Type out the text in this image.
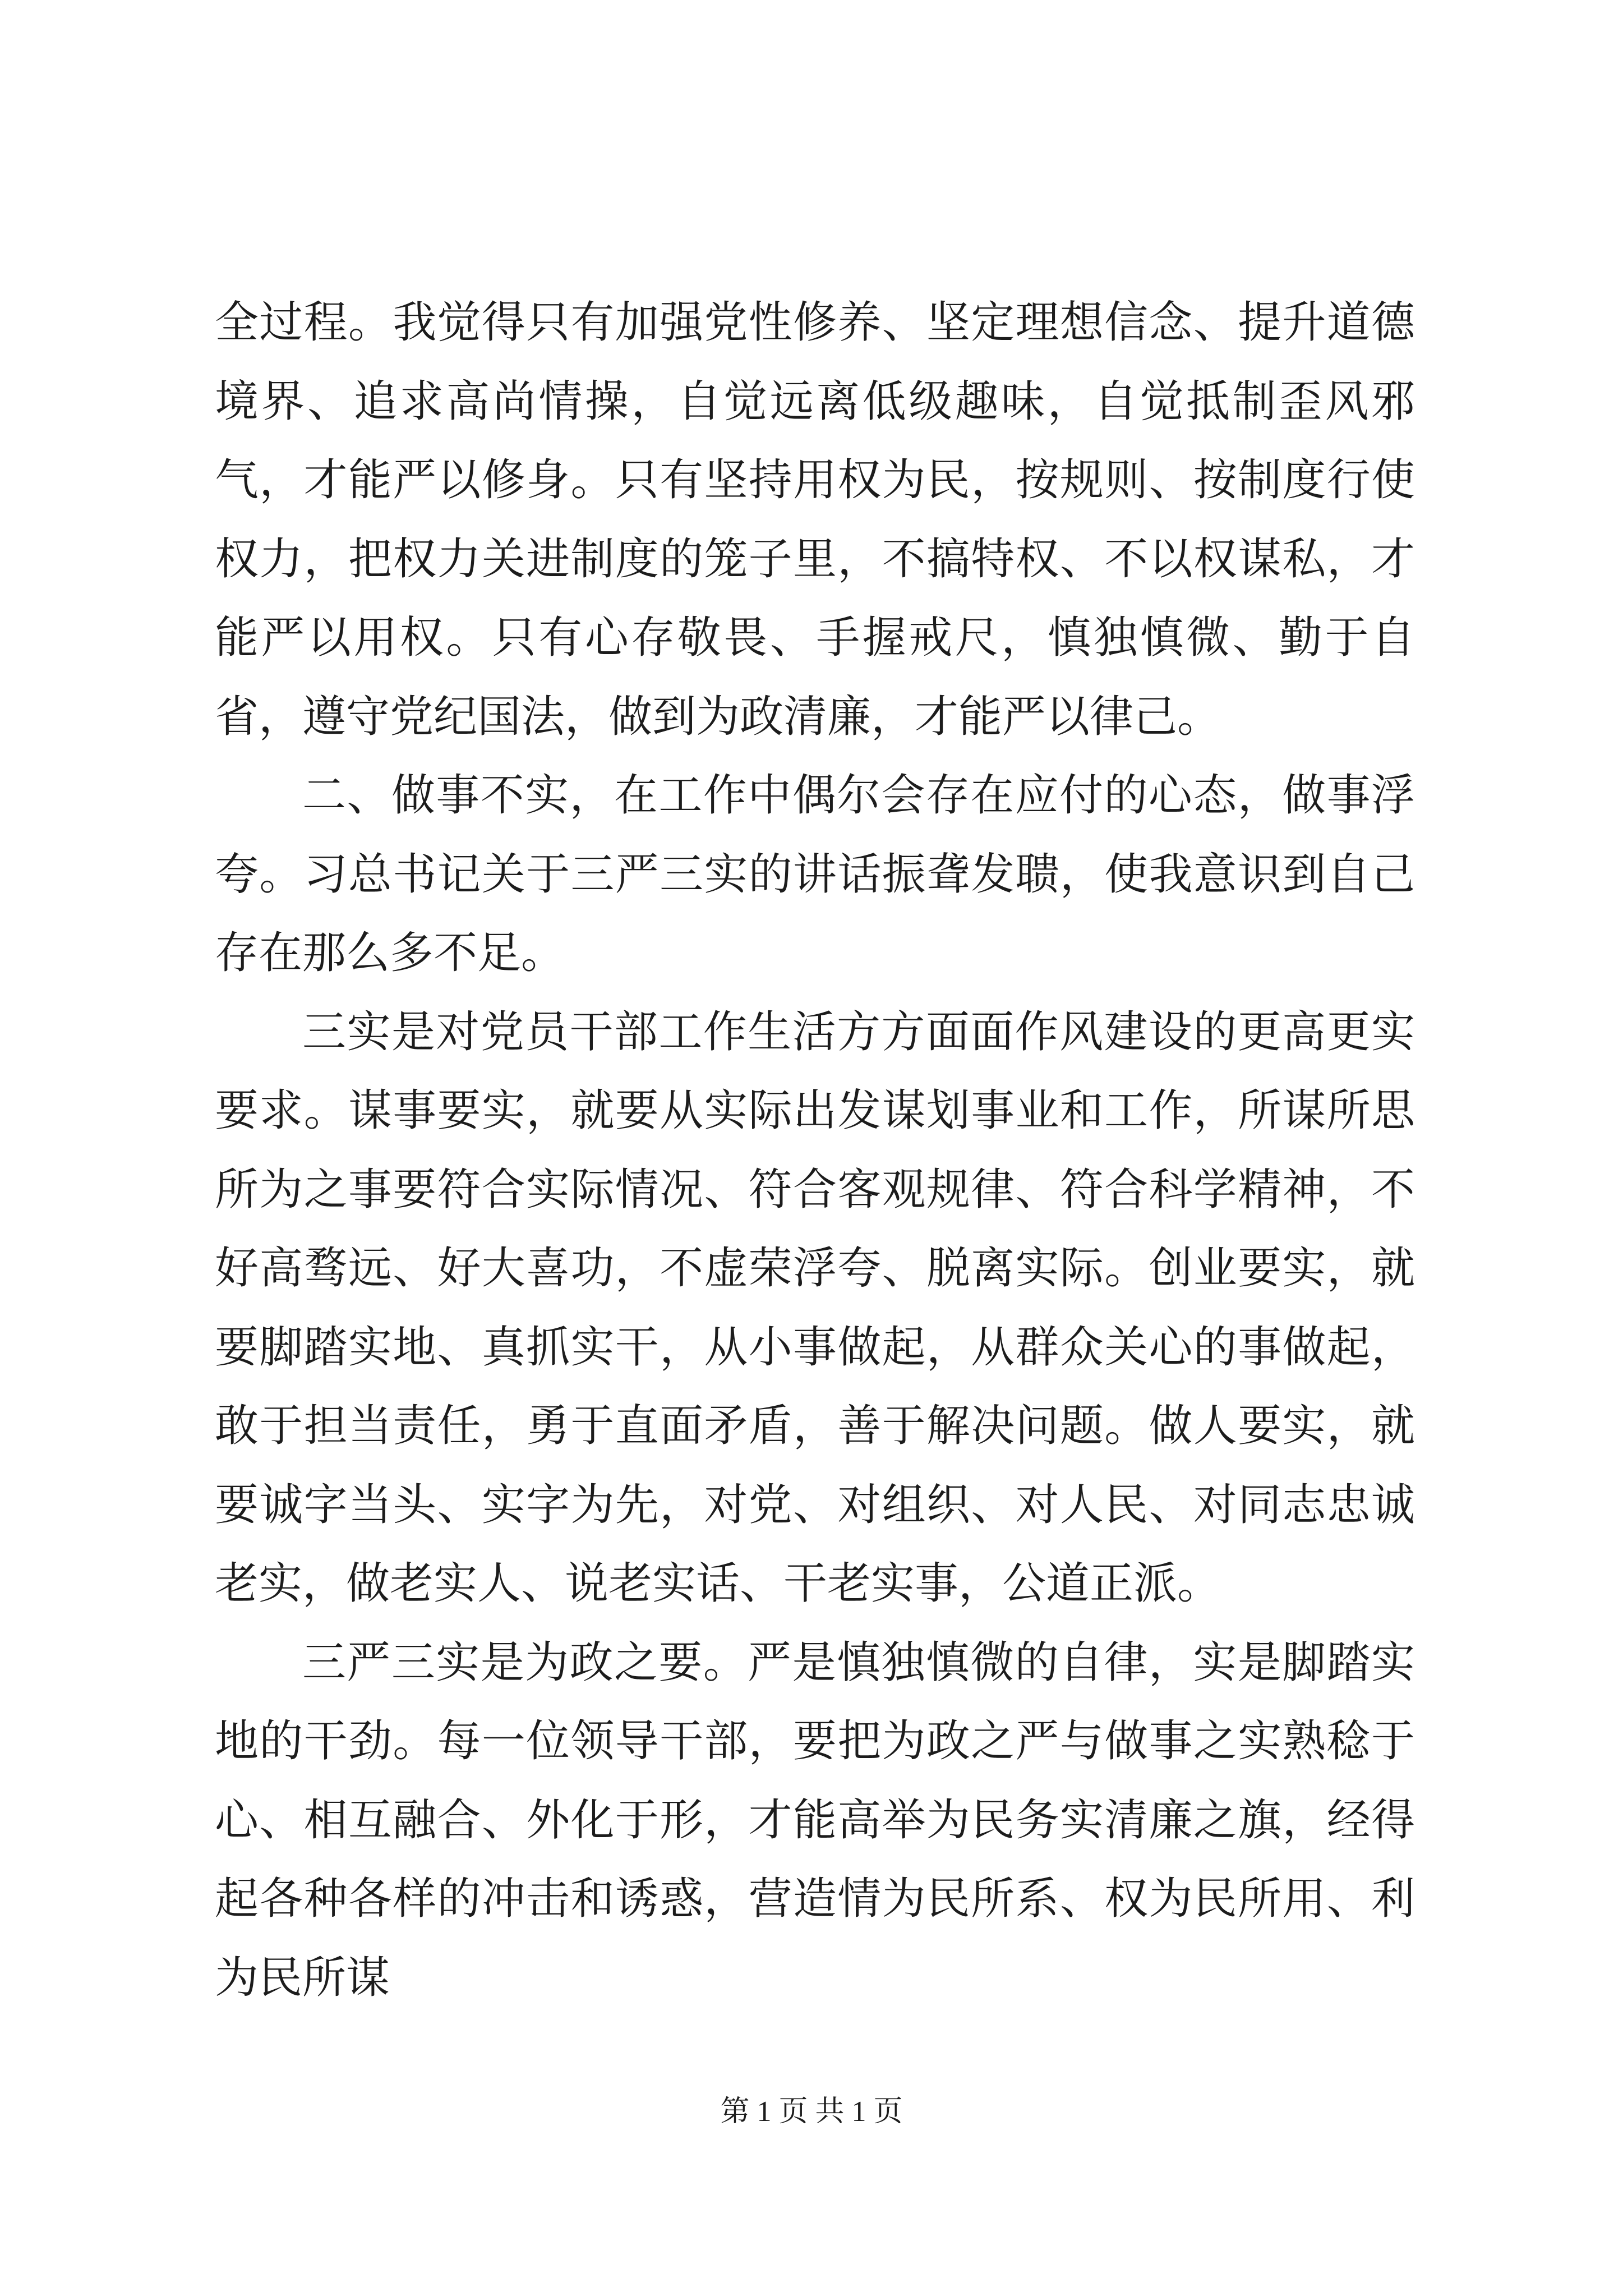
全过程。我觉得只有加强党性修养、坚定理想信念、提升道德境界、追求高尚情操，自觉远离低级趣味，自觉抵制歪风邪气，才能严以修身。只有坚持用权为民，按规则、按制度行使权力，把权力关进制度的笼子里，不搞特权、不以权谋私，才能严以用权。只有心存敬畏、手握戒尺，慎独慎微、勤于自省，遵守党纪国法，做到为政清廉，才能严以律己。

二、做事不实，在工作中偶尔会存在应付的心态，做事浮夸。习总书记关于三严三实的讲话振聋发聩，使我意识到自己存在那么多不足。

三实是对党员干部工作生活方方面面作风建设的更高更实要求。谋事要实，就要从实际出发谋划事业和工作，所谋所思所为之事要符合实际情况、符合客观规律、符合科学精神，不好高骛远、好大喜功，不虚荣浮夸、脱离实际。创业要实，就要脚踏实地、真抓实干，从小事做起，从群众关心的事做起，敢于担当责任，勇于直面矛盾，善于解决问题。做人要实，就要诚字当头、实字为先，对党、对组织、对人民、对同志忠诚老实，做老实人、说老实话、干老实事，公道正派。

三严三实是为政之要。严是慎独慎微的自律，实是脚踏实地的干劲。每一位领导干部，要把为政之严与做事之实熟稔于心、相互融合、外化于形，才能高举为民务实清廉之旗，经得起各种各样的冲击和诱惑，营造情为民所系、权为民所用、利为民所谋

第 1 页 共 1 页
